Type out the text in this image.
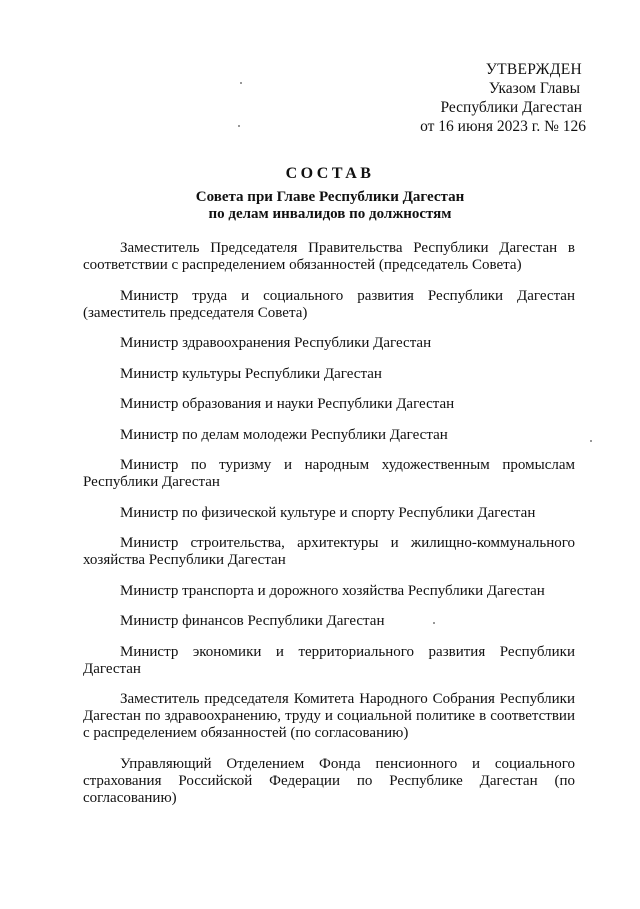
УТВЕРЖДЕН
Указом Главы
Республики Дагестан
от 16 июня 2023 г. № 126
СОСТАВ
Совета при Главе Республики Дагестан
по делам инвалидов по должностям

Заместитель Председателя Правительства Республики Дагестан в соответствии с распределением обязанностей (председатель Совета)

Министр труда и социального развития Республики Дагестан (заместитель председателя Совета)

Министр здравоохранения Республики Дагестан

Министр культуры Республики Дагестан

Министр образования и науки Республики Дагестан

Министр по делам молодежи Республики Дагестан

Министр по туризму и народным художественным промыслам Республики Дагестан

Министр по физической культуре и спорту Республики Дагестан

Министр строительства, архитектуры и жилищно-коммунального хозяйства Республики Дагестан

Министр транспорта и дорожного хозяйства Республики Дагестан

Министр финансов Республики Дагестан

Министр экономики и территориального развития Республики Дагестан

Заместитель председателя Комитета Народного Собрания Республики Дагестан по здравоохранению, труду и социальной политике в соответствии с распределением обязанностей (по согласованию)

Управляющий Отделением Фонда пенсионного и социального страхования Российской Федерации по Республике Дагестан (по согласованию)
